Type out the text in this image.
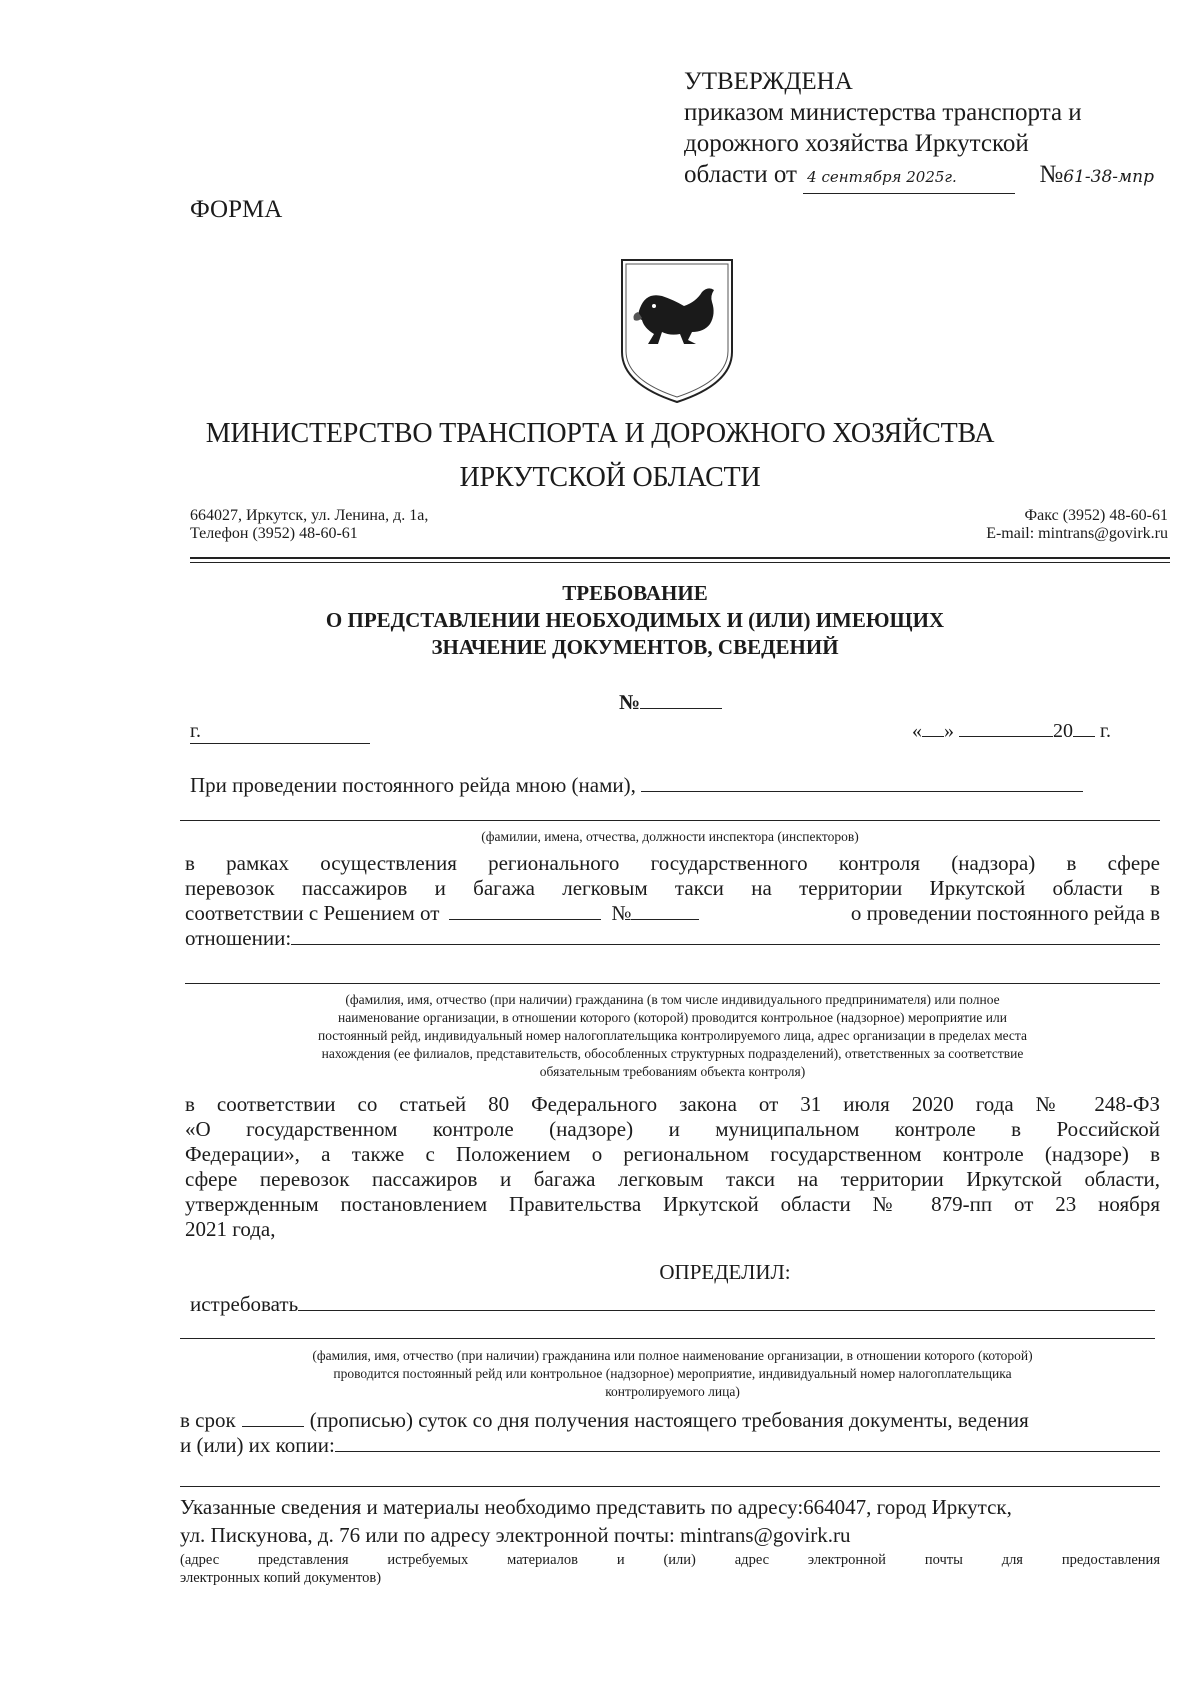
УТВЕРЖДЕНА
приказом министерства транспорта и
дорожного хозяйства Иркутской
области от 4 сентября 2025г.	№61-38-мпр
ФОРМА
МИНИСТЕРСТВО ТРАНСПОРТА И ДОРОЖНОГО ХОЗЯЙСТВА
ИРКУТСКОЙ ОБЛАСТИ
664027, Иркутск, ул. Ленина, д. 1а,
Телефон (3952) 48-60-61
Факс (3952) 48-60-61
E-mail: mintrans@govirk.ru
ТРЕБОВАНИЕ
О ПРЕДСТАВЛЕНИИ НЕОБХОДИМЫХ И (ИЛИ) ИМЕЮЩИХ
ЗНАЧЕНИЕ ДОКУМЕНТОВ, СВЕДЕНИЙ
№
г.	« »	20 г.
При проведении постоянного рейда мною (нами),
(фамилии, имена, отчества, должности инспектора (инспекторов)
в рамках осуществления регионального государственного контроля (надзора) в сфере
перевозок пассажиров и багажа легковым такси на территории Иркутской области в
соответствии с Решением от	№	о проведении постоянного рейда в
отношении:
(фамилия, имя, отчество (при наличии) гражданина (в том числе индивидуального предпринимателя) или полное
наименование организации, в отношении которого (которой) проводится контрольное (надзорное) мероприятие или
постоянный рейд, индивидуальный номер налогоплательщика контролируемого лица, адрес организации в пределах места
нахождения (ее филиалов, представительств, обособленных структурных подразделений), ответственных за соответствие
обязательным требованиям объекта контроля)
в соответствии со статьей 80 Федерального закона от 31 июля 2020 года № 248-ФЗ
«О государственном контроле (надзоре) и муниципальном контроле в Российской
Федерации», а также с Положением о региональном государственном контроле (надзоре) в
сфере перевозок пассажиров и багажа легковым такси на территории Иркутской области,
утвержденным постановлением Правительства Иркутской области № 879-пп от 23 ноября
2021 года,
ОПРЕДЕЛИЛ:
истребовать
(фамилия, имя, отчество (при наличии) гражданина или полное наименование организации, в отношении которого (которой)
проводится постоянный рейд или контрольное (надзорное) мероприятие, индивидуальный номер налогоплательщика
контролируемого лица)
в срок	(прописью) суток со дня получения настоящего требования документы, ведения
и (или) их копии:
Указанные сведения и материалы необходимо представить по адресу:664047, город Иркутск,
ул. Пискунова, д. 76 или по адресу электронной почты: mintrans@govirk.ru
(адрес представления истребуемых материалов и (или) адрес электронной почты для предоставления
электронных копий документов)
